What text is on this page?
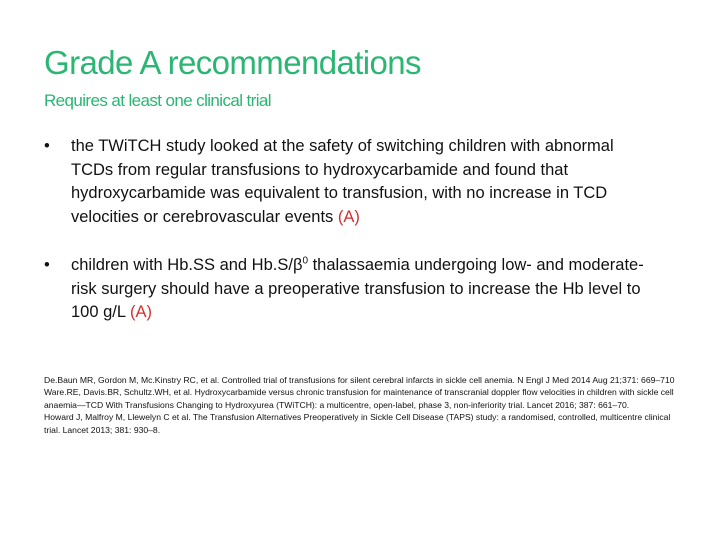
Grade A recommendations
Requires at least one clinical trial
•	the TWiTCH study looked at the safety of switching children with abnormal TCDs from regular transfusions to hydroxycarbamide and found that hydroxycarbamide was equivalent to transfusion, with no increase in TCD velocities or cerebrovascular events (A)
•	children with Hb.SS and $Hb.S/\beta^0$ thalassaemia undergoing low- and moderate-risk surgery should have a preoperative transfusion to increase the Hb level to 100 g/L (A)

De.Baun MR, Gordon M, Mc.Kinstry RC, et al. Controlled trial of transfusions for silent cerebral infarcts in sickle cell anemia. N Engl J Med 2014 Aug 21;371: 669–710

Ware.RE, Davis.BR, Schultz.WH, et al. Hydroxycarbamide versus chronic transfusion for maintenance of transcranial doppler flow velocities in children with sickle cell anaemia—TCD With Transfusions Changing to Hydroxyurea (TWiTCH): a multicentre, open-label, phase 3, non-inferiority trial. Lancet 2016; 387: 661–70.

Howard J, Malfroy M, Llewelyn C et al. The Transfusion Alternatives Preoperatively in Sickle Cell Disease (TAPS) study: a randomised, controlled, multicentre clinical trial. Lancet 2013; 381: 930–8.
